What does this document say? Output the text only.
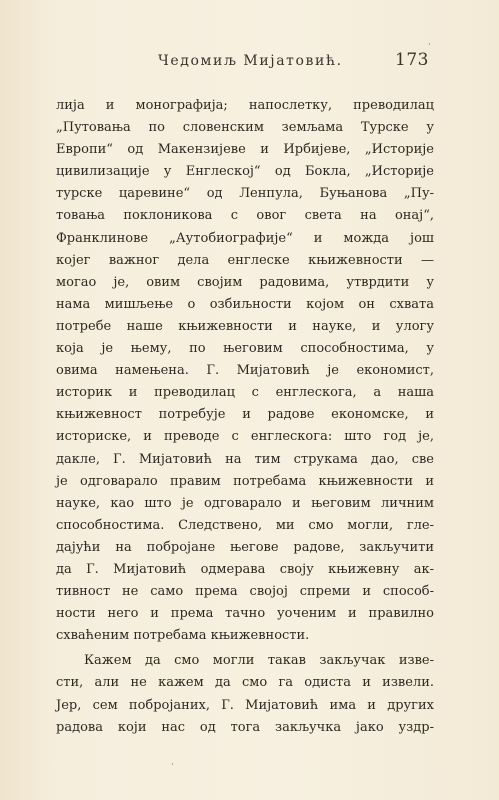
Чедомиљ Мијатовић.	173
лија и монографија; напослетку, преводилац
„Путовања по словенским земљама Турске у
Европи“ од Макензијеве и Ирбијеве, „Историје
цивилизације у Енглеској“ од Бокла, „Историје
турске царевине“ од Ленпула, Буњанова „Пу-
товања поклоникова с овог света на онај“,
Франклинове „Аутобиографије“ и можда још
којег важног дела енглеске књижевности —
могао је, овим својим радовима, утврдити у
нама мишљење о озбиљности којом он схвата
потребе наше књижевности и науке, и улогу
која је њему, по његовим способностима, у
овима намењена. Г. Мијатовић је економист,
историк и преводилац с енглескога, а наша
књижевност потребује и радове економске, и
историске, и преводе с енглескога: што год је,
дакле, Г. Мијатовић на тим струкама дао, све
је одговарало правим потребама књижевности и
науке, као што је одговарало и његовим личним
способностима. Следствено, ми смо могли, гле-
дајући на побројане његове радове, закључити
да Г. Мијатовић одмерава своју књижевну ак-
тивност не само према својој спреми и способ-
ности него и према тачно уоченим и правилно
схваћеним потребама књижевности.
Кажем да смо могли такав закључак изве-
сти, али не кажем да смо га одиста и извели.
Јер, сем побројаних, Г. Мијатовић има и других
радова који нас од тога закључка јако уздр-
·
·
